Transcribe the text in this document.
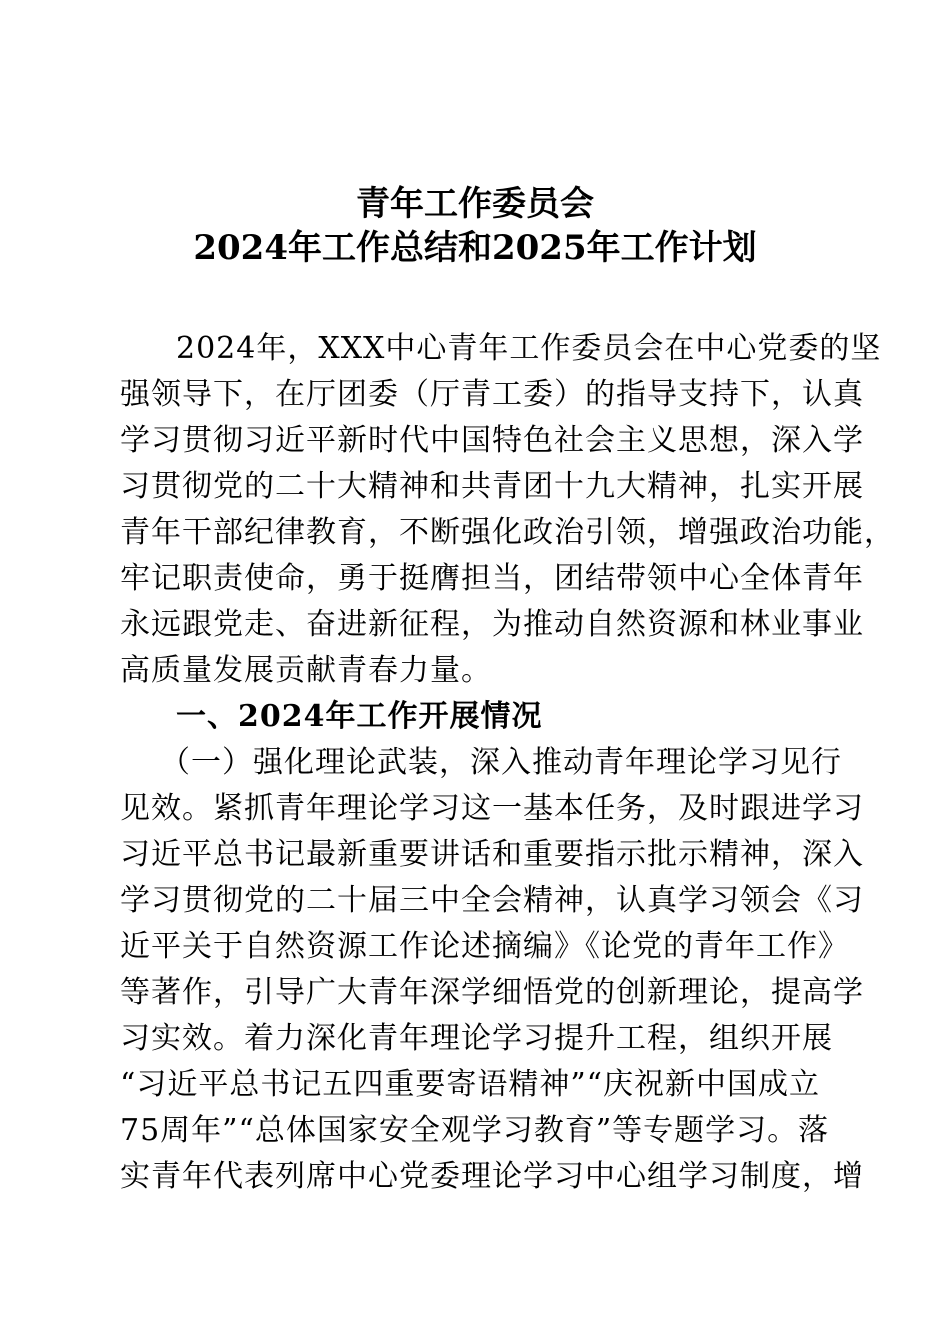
青年工作委员会
2024年工作总结和2025年工作计划
2024年，XXX中心青年工作委员会在中心党委的坚
强领导下，在厅团委（厅青工委）的指导支持下，认真
学习贯彻习近平新时代中国特色社会主义思想，深入学
习贯彻党的二十大精神和共青团十九大精神，扎实开展
青年干部纪律教育，不断强化政治引领，增强政治功能，
牢记职责使命，勇于挺膺担当，团结带领中心全体青年
永远跟党走、奋进新征程，为推动自然资源和林业事业
高质量发展贡献青春力量。
一、2024年工作开展情况
（一）强化理论武装，深入推动青年理论学习见行
见效。紧抓青年理论学习这一基本任务，及时跟进学习
习近平总书记最新重要讲话和重要指示批示精神，深入
学习贯彻党的二十届三中全会精神，认真学习领会《习
近平关于自然资源工作论述摘编》《论党的青年工作》
等著作，引导广大青年深学细悟党的创新理论，提高学
习实效。着力深化青年理论学习提升工程，组织开展
“习近平总书记五四重要寄语精神”“庆祝新中国成立
75周年”“总体国家安全观学习教育”等专题学习。落
实青年代表列席中心党委理论学习中心组学习制度，增
